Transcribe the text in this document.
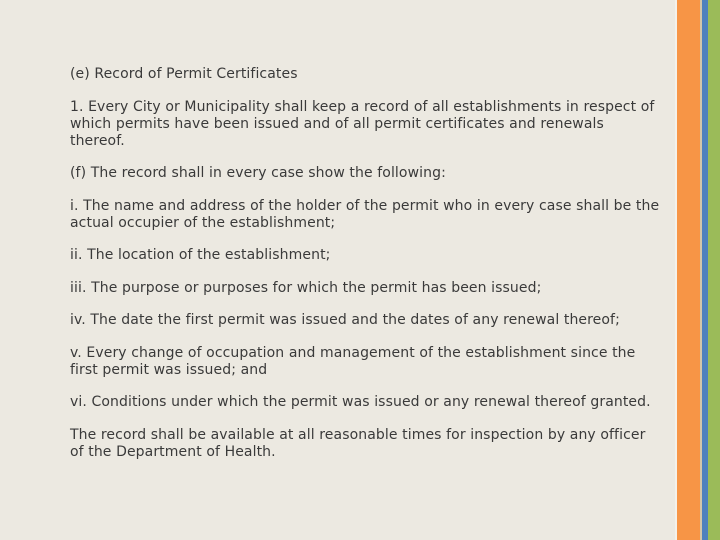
(e) Record of Permit Certificates

1. Every City or Municipality shall keep a record of all establishments in respect of which permits have been issued and of all permit certificates and renewals thereof.

(f) The record shall in every case show the following:

i. The name and address of the holder of the permit who in every case shall be the actual occupier of the establishment;

ii. The location of the establishment;

iii. The purpose or purposes for which the permit has been issued;

iv. The date the first permit was issued and the dates of any renewal thereof;

v. Every change of occupation and management of the establishment since the first permit was issued; and

vi. Conditions under which the permit was issued or any renewal thereof granted.

The record shall be available at all reasonable times for inspection by any officer of the Department of Health.
